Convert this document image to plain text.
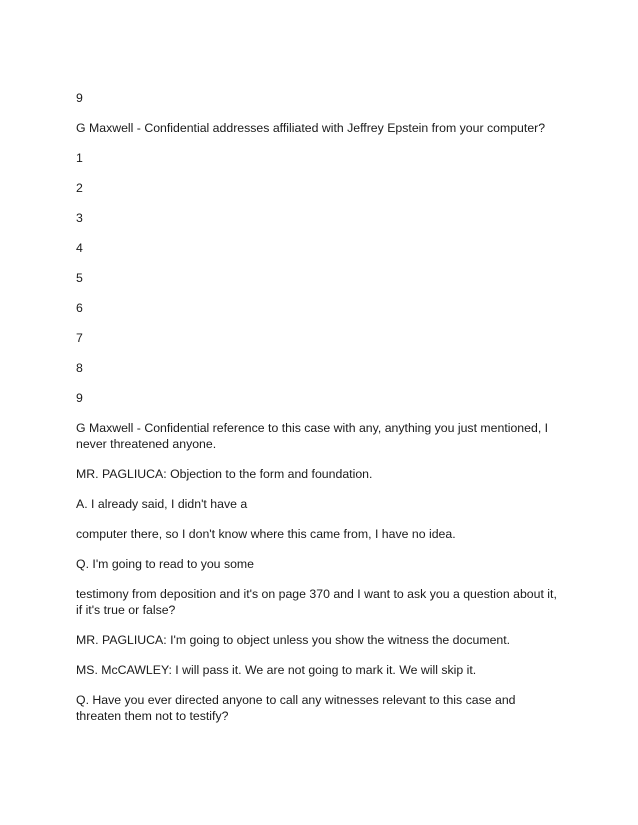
9

G Maxwell - Confidential addresses affiliated with Jeffrey Epstein from your computer?

1

2

3

4

5

6

7

8

9

G Maxwell - Confidential reference to this case with any, anything you just mentioned, I never threatened anyone.

MR. PAGLIUCA: Objection to the form and foundation.

A. I already said, I didn't have a

computer there, so I don't know where this came from, I have no idea.

Q. I'm going to read to you some

testimony from deposition and it's on page 370 and I want to ask you a question about it, if it's true or false?

MR. PAGLIUCA: I'm going to object unless you show the witness the document.

MS. McCAWLEY: I will pass it. We are not going to mark it. We will skip it.

Q. Have you ever directed anyone to call any witnesses relevant to this case and threaten them not to testify?
